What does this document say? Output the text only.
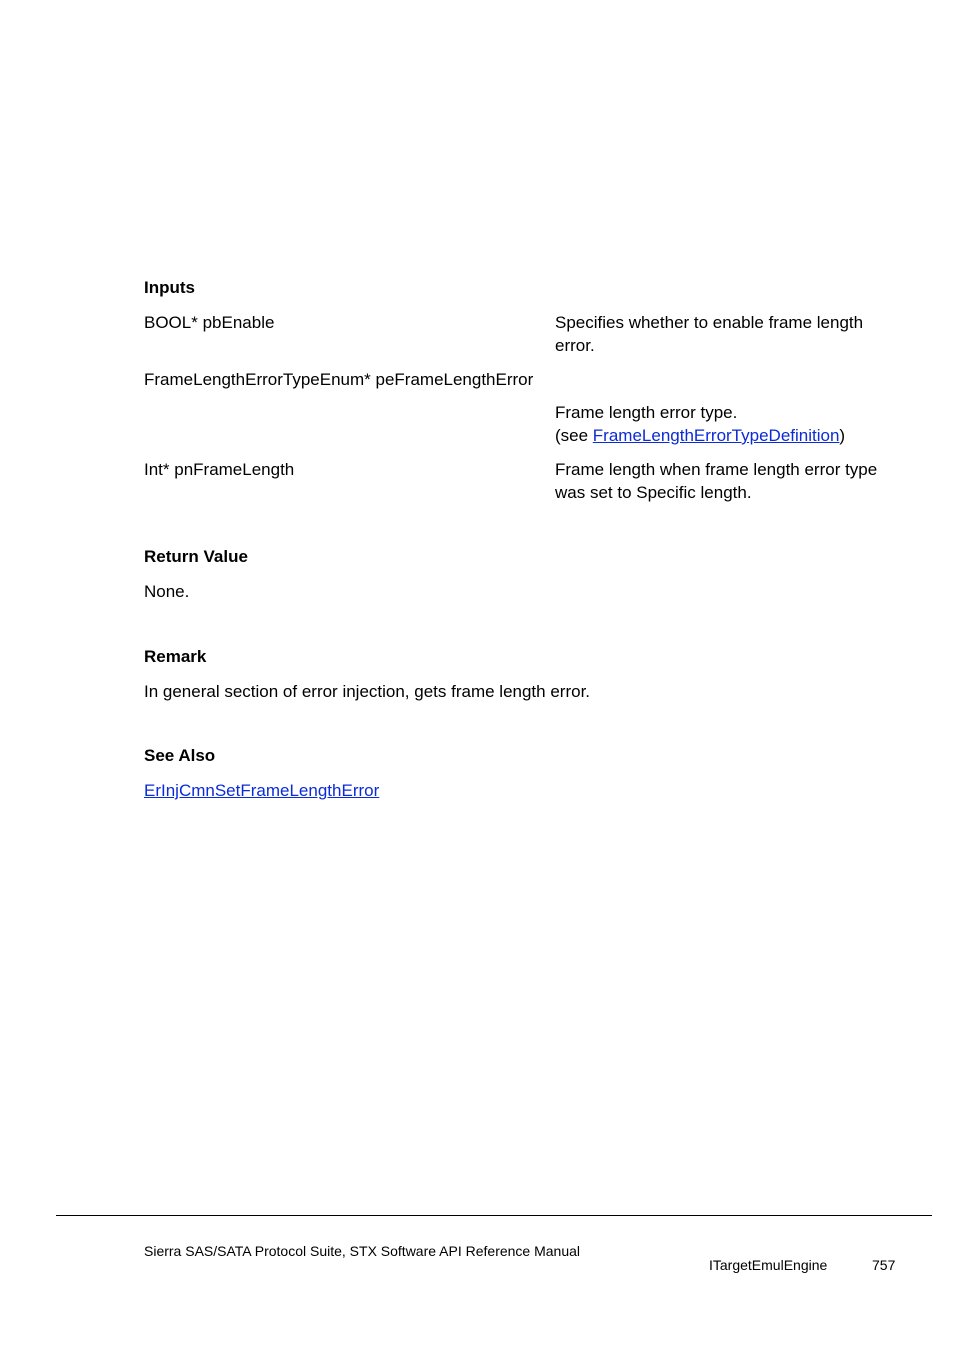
Inputs
BOOL* pbEnable	Specifies whether to enable frame length
error.
FrameLengthErrorTypeEnum* peFrameLengthError
Frame length error type.
(see FrameLengthErrorTypeDefinition)
Int* pnFrameLength	Frame length when frame length error type
was set to Specific length.
Return Value
None.
Remark
In general section of error injection, gets frame length error.
See Also
ErInjCmnSetFrameLengthError
Sierra SAS/SATA Protocol Suite, STX Software API Reference Manual
ITargetEmulEngine	757
